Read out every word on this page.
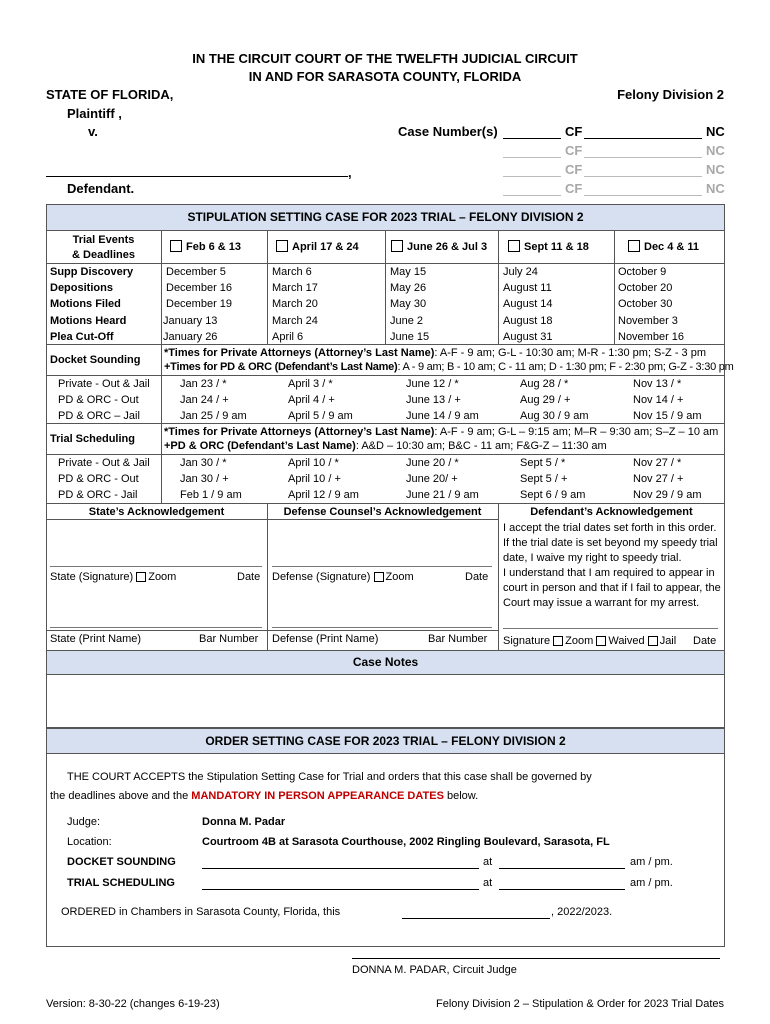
IN THE CIRCUIT COURT OF THE TWELFTH JUDICIAL CIRCUIT
IN AND FOR SARASOTA COUNTY, FLORIDA
STATE OF FLORIDA,
Plaintiff ,
v.
Felony Division 2
Case Number(s)	CF	NC
CF	NC
CF	NC
CF	NC
,
Defendant.
STIPULATION SETTING CASE FOR 2023 TRIAL – FELONY DIVISION 2
Trial Events
& Deadlines
Feb 6 & 13	April 17 & 24	June 26 & Jul 3	Sept 11 & 18	Dec 4 & 11
Supp Discovery	December 5	March 6	May 15	July 24	October 9
Depositions	December 16	March 17	May 26	August 11	October 20
Motions Filed	December 19	March 20	May 30	August 14	October 30
Motions Heard	January 13	March 24	June 2	August 18	November 3
Plea Cut-Off	January 26	April 6	June 15	August 31	November 16
Docket Sounding
*Times for Private Attorneys (Attorney’s Last Name): A-F - 9 am; G-L - 10:30 am; M-R - 1:30 pm; S-Z - 3 pm
+Times for PD & ORC (Defendant’s Last Name): A - 9 am; B - 10 am; C - 11 am; D - 1:30 pm; F - 2:30 pm; G-Z - 3:30 pm
Private - Out & Jail	Jan 23 / *	April 3 / *	June 12 / *	Aug 28 / *	Nov 13 / *
PD & ORC - Out	Jan 24 / +	April 4 / +	June 13 / +	Aug 29 / +	Nov 14 / +
PD & ORC – Jail	Jan 25 / 9 am	April 5 / 9 am	June 14 / 9 am	Aug 30 / 9 am	Nov 15 / 9 am
Trial Scheduling
*Times for Private Attorneys (Attorney’s Last Name): A-F - 9 am; G-L – 9:15 am; M–R – 9:30 am; S–Z – 10 am
+PD & ORC (Defendant’s Last Name): A&D – 10:30 am; B&C - 11 am; F&G-Z – 11:30 am
Private - Out & Jail	Jan 30 / *	April 10 / *	June 20 / *	Sept 5 / *	Nov 27 / *
PD & ORC - Out	Jan 30 / +	April 10 / +	June 20/ +	Sept 5 / +	Nov 27 / +
PD & ORC - Jail	Feb 1 / 9 am	April 12 / 9 am	June 21 / 9 am	Sept 6 / 9 am	Nov 29 / 9 am
State’s Acknowledgement	Defense Counsel’s Acknowledgement	Defendant’s Acknowledgement
State (Signature) Zoom	Date
State (Print Name)	Bar Number
Defense (Signature) Zoom	Date
Defense (Print Name)	Bar Number
I accept the trial dates set forth in this order.
If the trial date is set beyond my speedy trial
date, I waive my right to speedy trial.
I understand that I am required to appear in
court in person and that if I fail to appear, the
Court may issue a warrant for my arrest.
Signature Zoom Waived Jail Date
Case Notes
ORDER SETTING CASE FOR 2023 TRIAL – FELONY DIVISION 2
THE COURT ACCEPTS the Stipulation Setting Case for Trial and orders that this case shall be governed by
the deadlines above and the MANDATORY IN PERSON APPEARANCE DATES below.
Judge:	Donna M. Padar
Location:	Courtroom 4B at Sarasota Courthouse, 2002 Ringling Boulevard, Sarasota, FL
DOCKET SOUNDING	at	am / pm.
TRIAL SCHEDULING	at	am / pm.
ORDERED in Chambers in Sarasota County, Florida, this	, 2022/2023.
DONNA M. PADAR, Circuit Judge
Version: 8-30-22 (changes 6-19-23)	Felony Division 2 – Stipulation & Order for 2023 Trial Dates
